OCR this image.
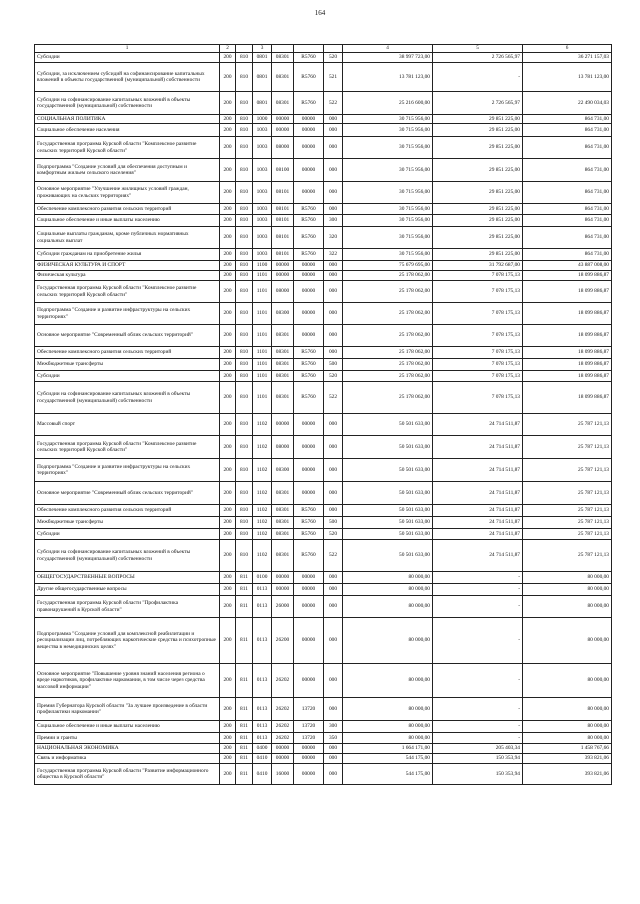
164
1	2		3				4	5	6
Субсидии	200	810	0801	08301	R5760	520	38 997 723,00	2 726 565,97	36 271 157,03
Субсидии, за исключением субсидий на софинансирование капитальных вложений в объекты государственной (муниципальной) собственности	200	810	0801	08301	R5760	521	13 781 123,00	-	13 781 123,00
Субсидии на софинансирование капитальных вложений в объекты государственной (муниципальной) собственности	200	810	0801	08301	R5760	522	25 216 600,00	2 726 565,97	22 490 034,03
СОЦИАЛЬНАЯ ПОЛИТИКА	200	810	1000	00000	00000	000	30 715 956,00	29 851 225,00	864 731,00
Социальное обеспечение населения	200	810	1003	00000	00000	000	30 715 956,00	29 851 225,00	864 731,00
Государственная программа Курской области "Комплексное развитие сельских территорий Курской области"	200	810	1003	08000	00000	000	30 715 956,00	29 851 225,00	864 731,00
Подпрограмма "Создание условий для обеспечения доступным и комфортным жильем сельского населения"	200	810	1003	08100	00000	000	30 715 956,00	29 851 225,00	864 731,00
Основное мероприятие "Улучшение жилищных условий граждан, проживающих на сельских территориях"	200	810	1003	08101	00000	000	30 715 956,00	29 851 225,00	864 731,00
Обеспечение комплексного развития сельских территорий	200	810	1003	08101	R5760	000	30 715 956,00	29 851 225,00	864 731,00
Социальное обеспечение и иные выплаты населению	200	810	1003	08101	R5760	300	30 715 956,00	29 851 225,00	864 731,00
Социальные выплаты гражданам, кроме публичных нормативных социальных выплат	200	810	1003	08101	R5760	320	30 715 956,00	29 851 225,00	864 731,00
Субсидии гражданам на приобретение жилья	200	810	1003	08101	R5760	322	30 715 956,00	29 851 225,00	864 731,00
ФИЗИЧЕСКАЯ КУЛЬТУРА И СПОРТ	200	810	1100	00000	00000	000	75 679 695,00	31 792 687,00	43 887 008,00
Физическая культура	200	810	1101	00000	00000	000	25 178 062,00	7 078 175,13	18 099 886,87
Государственная программа Курской области "Комплексное развитие сельских территорий Курской области"	200	810	1101	08000	00000	000	25 178 062,00	7 078 175,13	18 099 886,87
Подпрограмма "Создание и развитие инфраструктуры на сельских территориях"	200	810	1101	08300	00000	000	25 178 062,00	7 078 175,13	18 099 886,87
Основное мероприятие "Современный облик сельских территорий"	200	810	1101	08301	00000	000	25 178 062,00	7 078 175,13	18 099 886,87
Обеспечение комплексного развития сельских территорий	200	810	1101	08301	R5760	000	25 178 062,00	7 078 175,13	18 099 886,87
Межбюджетные трансферты	200	810	1101	08301	R5760	500	25 178 062,00	7 078 175,13	18 099 886,87
Субсидии	200	810	1101	08301	R5760	520	25 178 062,00	7 078 175,13	18 099 886,87
Субсидии на софинансирование капитальных вложений в объекты государственной (муниципальной) собственности	200	810	1101	08301	R5760	522	25 178 062,00	7 078 175,13	18 099 886,87
Массовый спорт	200	810	1102	00000	00000	000	50 501 633,00	24 714 511,87	25 787 121,13
Государственная программа Курской области "Комплексное развитие сельских территорий Курской области"	200	810	1102	08000	00000	000	50 501 633,00	24 714 511,87	25 787 121,13
Подпрограмма "Создание и развитие инфраструктуры на сельских территориях"	200	810	1102	08300	00000	000	50 501 633,00	24 714 511,87	25 787 121,13
Основное мероприятие "Современный облик сельских территорий"	200	810	1102	08301	00000	000	50 501 633,00	24 714 511,87	25 787 121,13
Обеспечение комплексного развития сельских территорий	200	810	1102	08301	R5760	000	50 501 633,00	24 714 511,87	25 787 121,13
Межбюджетные трансферты	200	810	1102	08301	R5760	500	50 501 633,00	24 714 511,87	25 787 121,13
Субсидии	200	810	1102	08301	R5760	520	50 501 633,00	24 714 511,87	25 787 121,13
Субсидии на софинансирование капитальных вложений в объекты государственной (муниципальной) собственности	200	810	1102	08301	R5760	522	50 501 633,00	24 714 511,87	25 787 121,13
ОБЩЕГОСУДАРСТВЕННЫЕ ВОПРОСЫ	200	811	0100	00000	00000	000	80 000,00	-	80 000,00
Другие общегосударственные вопросы	200	811	0113	00000	00000	000	80 000,00	-	80 000,00
Государственная программа Курской области "Профилактика правонарушений в Курской области"	200	811	0113	26000	00000	000	80 000,00	-	80 000,00
Подпрограмма "Создание условий для комплексной реабилитации и ресоциализации лиц, потребляющих наркотические средства и психотропные вещества в немедицинских целях"	200	811	0113	26200	00000	000	80 000,00	-	80 000,00
Основное мероприятие "Повышение уровня знаний населения региона о вреде наркотиков, профилактике наркомании, в том числе через средства массовой информации"	200	811	0113	26202	00000	000	80 000,00	-	80 000,00
Премия Губернатора Курской области "За лучшее произведение в области профилактики наркомании"	200	811	0113	26202	13720	000	80 000,00	-	80 000,00
Социальное обеспечение и иные выплаты населению	200	811	0113	26202	13720	300	80 000,00	-	80 000,00
Премии и гранты	200	811	0113	26202	13720	350	80 000,00	-	80 000,00
НАЦИОНАЛЬНАЯ ЭКОНОМИКА	200	811	0400	00000	00000	000	1 664 171,00	205 403,34	1 458 767,66
Связь и информатика	200	811	0410	00000	00000	000	544 175,00	150 353,94	393 821,06
Государственная программа Курской области "Развитие информационного общества в Курской области"	200	811	0410	16000	00000	000	544 175,00	150 353,94	393 821,06
